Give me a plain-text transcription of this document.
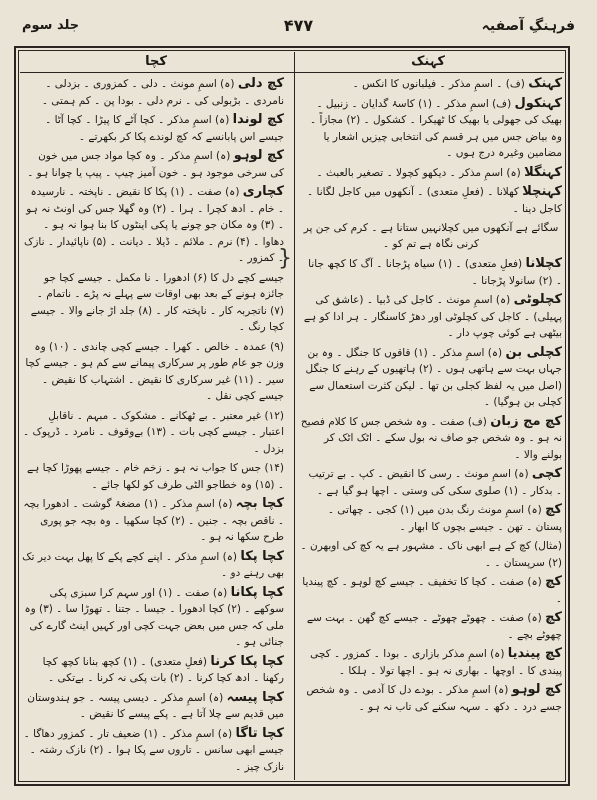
فرہنگِ آصفیہ
۴۷۷
جلد سوم
کہنک
کچا
}
کہنک (ف) ۔ اسمِ مذکر ۔ فیلبانوں کا انکس ۔
کہنکول (ف) اسمِ مذکر ۔ (۱) کاسۂ گدایان ۔ زنبیل ۔ بھیک کی جھولی یا بھیک کا ٹھیکرا ۔ کشکول ۔ (۲) مجازاً ۔ وہ بیاض جس میں ہر قسم کی انتخابی چیزیں اشعار یا مضامین وغیرہ درج ہوں ۔
کہنگلا (ہ) اسمِ مذکر ۔ دیکھو کچولا ۔ تصغیر بالعبث ۔
کہنچلا کھلانا ۔ (فعلِ متعدی) ۔ آنکھوں میں کاجل لگانا ۔ کاجل دینا ۔
سگائے ہے آنکھوں میں کچلانہیں ستانا ہے ۔ کرم کی جن پر کرنی نگاہ ہے تم کو ۔
کچلانا (فعلِ متعدی) ۔ (۱) سیاہ پڑجانا ۔ آگ کا کچھ جانا ۔ (۲) سانولا پڑجانا ۔
کچلوٹی (ہ) اسمِ مونث ۔ کاجل کی ڈبیا ۔ (عاشق کی پہیلی) ۔ کاجل کی کچلوٹی اور دھڑ کاسنگار ۔ ہر ادا کو ہے بیٹھی ہے کوئی چوپ دار ۔
کچلی بن (ہ) اسمِ مذکر ۔ (۱) قاقوں کا جنگل ۔ وہ بن جہاں بہت سے ہاتھی ہوں ۔ (۲) ہاتھیوں کے رہنے کا جنگل (اصل میں یہ لفظ کجلی بن تھا ۔ لیکن کثرت استعمال سے کچلی بن ہوگیا) ۔
کچ مج زبان (ف) صفت ۔ وہ شخص جس کا کلام فصیح نہ ہو ۔ وہ شخص جو صاف نہ بول سکے ۔ اٹک اٹک کر بولنے والا ۔
کچی (ہ) اسمِ مونث ۔ رسی کا انقیض ۔ کپ ۔ بے ترتیب ۔ بدکار ۔ (۱) صلوی سکی کی وستی ۔ اچھا ہو گیا ہے ۔
کچ (ہ) اسمِ مونث رنگ بدن میں (۱) کجی ۔ چھاتی ۔ پستان ۔ تھن ۔ جیسے بچوں کا ابھار ۔
(مثال) کچ کے ہے ابھی ناک ۔ مشہور ہے یہ کچ کی اوبھرن ۔ (۲) سرپستان ۔ ۔
کچ (ہ) صفت ۔ کچا کا تخفیف ۔ جیسے کچ لوہو ۔ کچ پیندیا ۔
کچ (ہ) صفت ۔ چھوٹے چھوٹے ۔ جیسے کچ گھن ۔ بہت سے چھوٹے بچے ۔
کچ پیندیا (ہ) اسمِ مذکر بازاری ۔ بودا ۔ کمزور ۔ کچی پیندی کا ۔ اوچھا ۔ بھاری نہ ہو ۔ اچھا تولا ۔ ہلکا ۔
کچ لوہو (ہ) اسمِ مذکر ۔ بودے دل کا آدمی ۔ وہ شخص جسے درد ۔ دکھ ۔ سہہ سکنے کی تاب نہ ہو ۔
کچ دلی (ہ) اسمِ مونث ۔ دلی ۔ کمزوری ۔ بزدلی ۔ نامردی ۔ بڑبولی کی ۔ نرم دلی ۔ بودا پن ۔ کم ہمتی ۔
کچ لوندا (ہ) اسمِ مذکر ۔ کچا آٹے کا پیڑا ۔ کچا آٹا ۔ جیسے اس پابانسے کہ کچ لوندے پکا کر بکھرتے ۔
کچ لوہو (ہ) اسمِ مذکر ۔ وہ کچا مواد جس میں خون کی سرخی موجود ہو ۔ خون آمیز چیپ ۔ پیپ یا چوانا ہو ۔
کچاری (ہ) صفت ۔ (۱) پکا کا نقیض ۔ ناپختہ ۔ نارسیدہ ۔ خام ۔ ادھ کچرا ۔ ہرا ۔ (۲) وہ گھلا جس کی اونٹ نہ ہو ۔ (۳) وہ مکان جو چونے یا پکی اینٹوں کا بنا ہوا نہ ہو ۔ دھاوا ۔ (۴) نرم ۔ ملائم ۔ ڈیلا ۔ دیانت ۔ (۵) ناپائیدار ۔ نازک ۔ کمزور ۔
جیسے کچے دل کا (۶) ادھورا ۔ نا مکمل ۔ جیسے کچا جو جائزہ ہونے کے بعد بھی اوقات سے پہلے نہ پڑے ۔ ناتمام ۔ (۷) ناتجربہ کار ۔ ناپختہ کار ۔ (۸) جلد اڑ جانے والا ۔ جیسے کچا رنگ ۔
(۹) عمدہ ۔ خالص ۔ کھرا ۔ جیسے کچی چاندی ۔ (۱۰) وہ وزن جو عام طور پر سرکاری پیمانے سے کم ہو ۔ جیسے کچا سیر ۔ (۱۱) غیر سرکاری کا نقیض ۔ اشتہاب کا نقیض ۔ جیسے کچی نقل ۔
(۱۲) غیر معتبر ۔ بے ٹھکانے ۔ مشکوک ۔ مبہم ۔ ناقابلِ اعتبار ۔ جیسے کچی بات ۔ (۱۳) بےوقوف ۔ نامرد ۔ ڈرپوک ۔ بزدل ۔
(۱۴) جس کا جواب نہ ہو ۔ زخم خام ۔ جیسے پھوڑا کچا ہے ۔ (۱۵) وہ خطاجو الٹی طرف کو لکھا جائے ۔
کچا بچہ (ہ) اسمِ مذکر ۔ (۱) مضغۂ گوشت ۔ ادھورا بچہ ۔ ناقص بچہ ۔ جنین ۔ (۲) کچا سکھیا ۔ وہ بچہ جو پوری طرح سکھا نہ ہو ۔
کچا پکا (ہ) اسمِ مذکر ۔ اپنے کچے پکے کا پھل بہت دیر تک بھی رہنے دو ۔
کچا پکانا (ہ) صفت ۔ (۱) اور سہم کرا سبزی پکی سوکھے ۔ (۲) کچا ادھورا ۔ جیسا ۔ جتنا ۔ تھوڑا سا ۔ (۳) وہ ملی کہ جس میں بعض جہت کچی اور کہیں اینٹ گارے کی جنائی ہو ۔
کچا پکا کرنا (فعلِ متعدی) ۔ (۱) کچھ بنانا کچھ کچا رکھنا ۔ ادھ کچا کرنا ۔ (۲) بات پکی نہ کرنا ۔ بےتکی ۔
کچا پیسہ (ہ) اسمِ مذکر ۔ دیسی پیسہ ۔ جو ہندوستان میں قدیم سے چلا آتا ہے ۔ پکے پیسے کا نقیض ۔
کچا تاگا (ہ) اسمِ مذکر ۔ (۱) ضعیف تار ۔ کمزور دھاگا ۔ جیسے ابھی سانس ۔ تاروں سے پکا ہوا ۔ (۲) نازک رشتہ ۔ نازک چیز ۔
